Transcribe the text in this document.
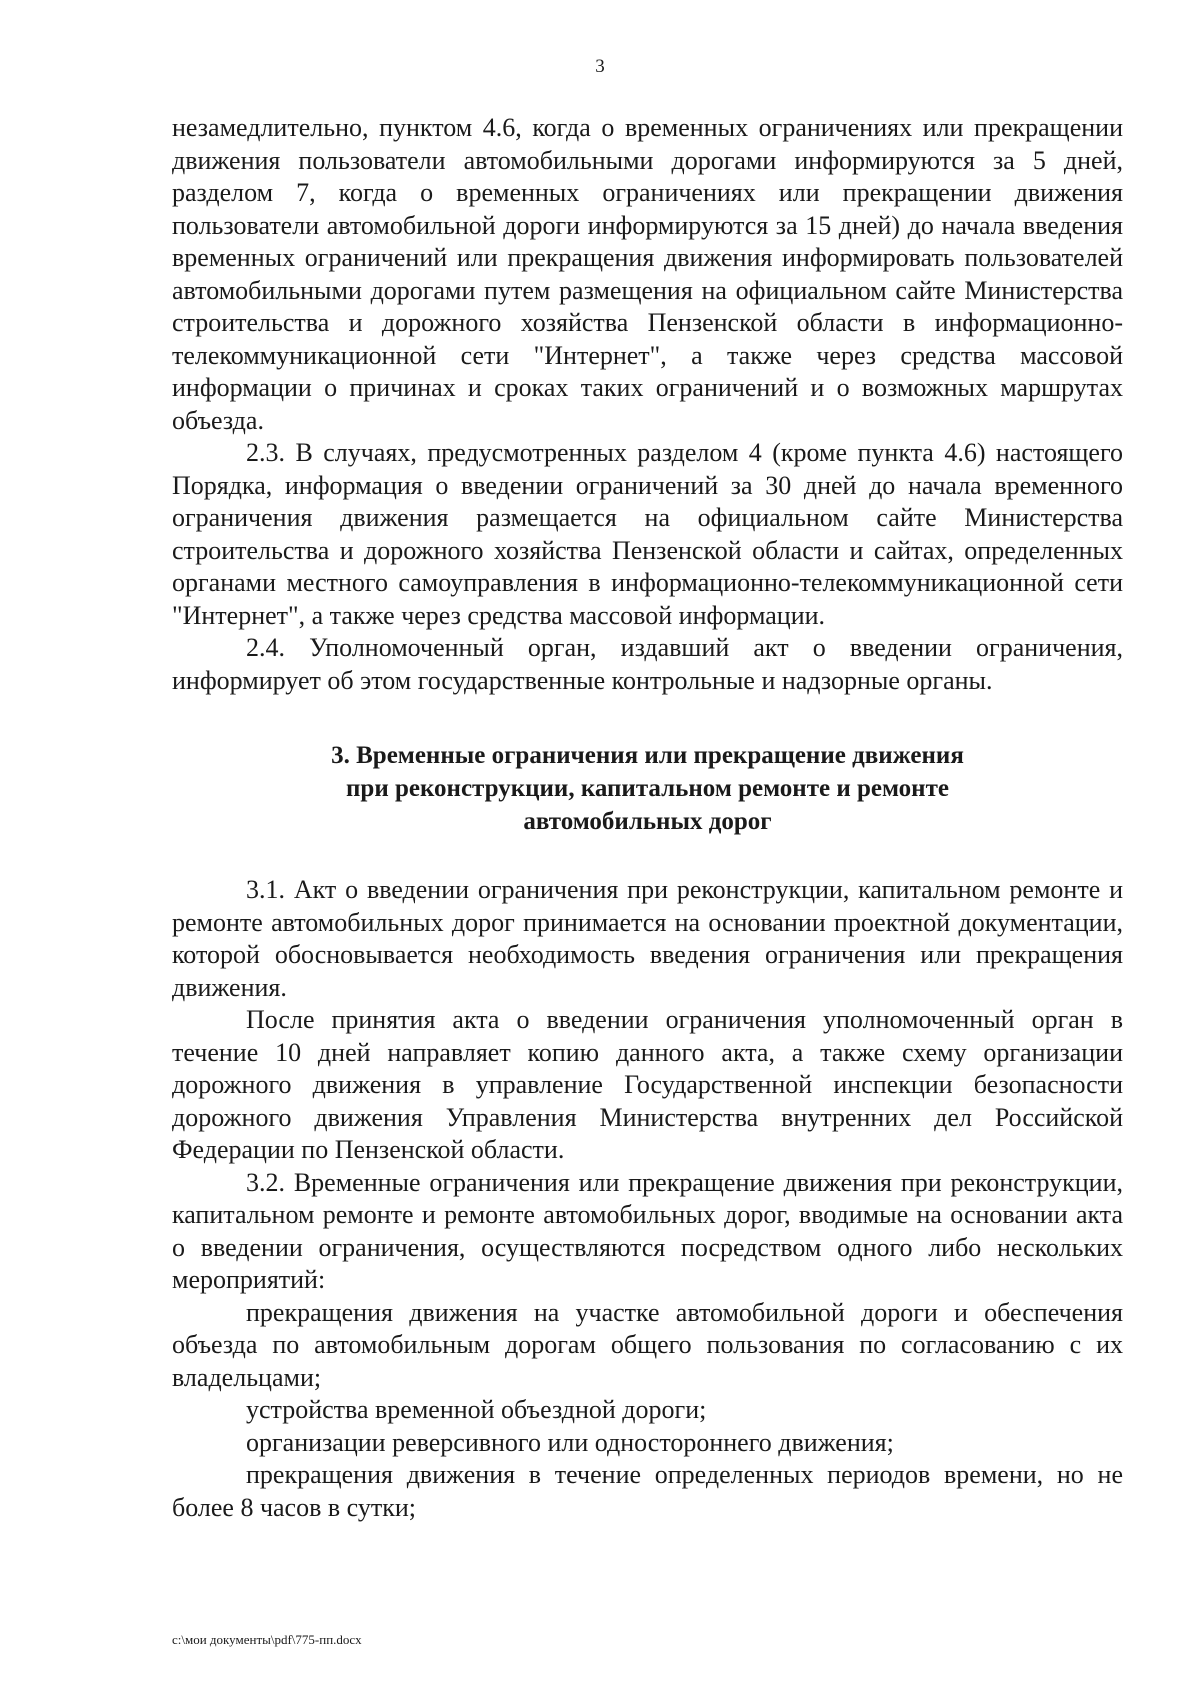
3

незамедлительно, пунктом 4.6, когда о временных ограничениях или прекращении движения пользователи автомобильными дорогами информируются за 5 дней, разделом 7, когда о временных ограничениях или прекращении движения пользователи автомобильной дороги информируются за 15 дней) до начала введения временных ограничений или прекращения движения информировать пользователей автомобильными дорогами путем размещения на официальном сайте Министерства строительства и дорожного хозяйства Пензенской области в информационно-телекоммуникационной сети "Интернет", а также через средства массовой информации о причинах и сроках таких ограничений и о возможных маршрутах объезда.

2.3. В случаях, предусмотренных разделом 4 (кроме пункта 4.6) настоящего Порядка, информация о введении ограничений за 30 дней до начала временного ограничения движения размещается на официальном сайте Министерства строительства и дорожного хозяйства Пензенской области и сайтах, определенных органами местного самоуправления в информационно-телекоммуникационной сети "Интернет", а также через средства массовой информации.

2.4. Уполномоченный орган, издавший акт о введении ограничения, информирует об этом государственные контрольные и надзорные органы.

3. Временные ограничения или прекращение движения
при реконструкции, капитальном ремонте и ремонте
автомобильных дорог

3.1. Акт о введении ограничения при реконструкции, капитальном ремонте и ремонте автомобильных дорог принимается на основании проектной документации, которой обосновывается необходимость введения ограничения или прекращения движения.

После принятия акта о введении ограничения уполномоченный орган в течение 10 дней направляет копию данного акта, а также схему организации дорожного движения в управление Государственной инспекции безопасности дорожного движения Управления Министерства внутренних дел Российской Федерации по Пензенской области.

3.2. Временные ограничения или прекращение движения при реконструкции, капитальном ремонте и ремонте автомобильных дорог, вводимые на основании акта о введении ограничения, осуществляются посредством одного либо нескольких мероприятий:

прекращения движения на участке автомобильной дороги и обеспечения объезда по автомобильным дорогам общего пользования по согласованию с их владельцами;

устройства временной объездной дороги;

организации реверсивного или одностороннего движения;

прекращения движения в течение определенных периодов времени, но не более 8 часов в сутки;

c:\мои документы\pdf\775-пп.docx
